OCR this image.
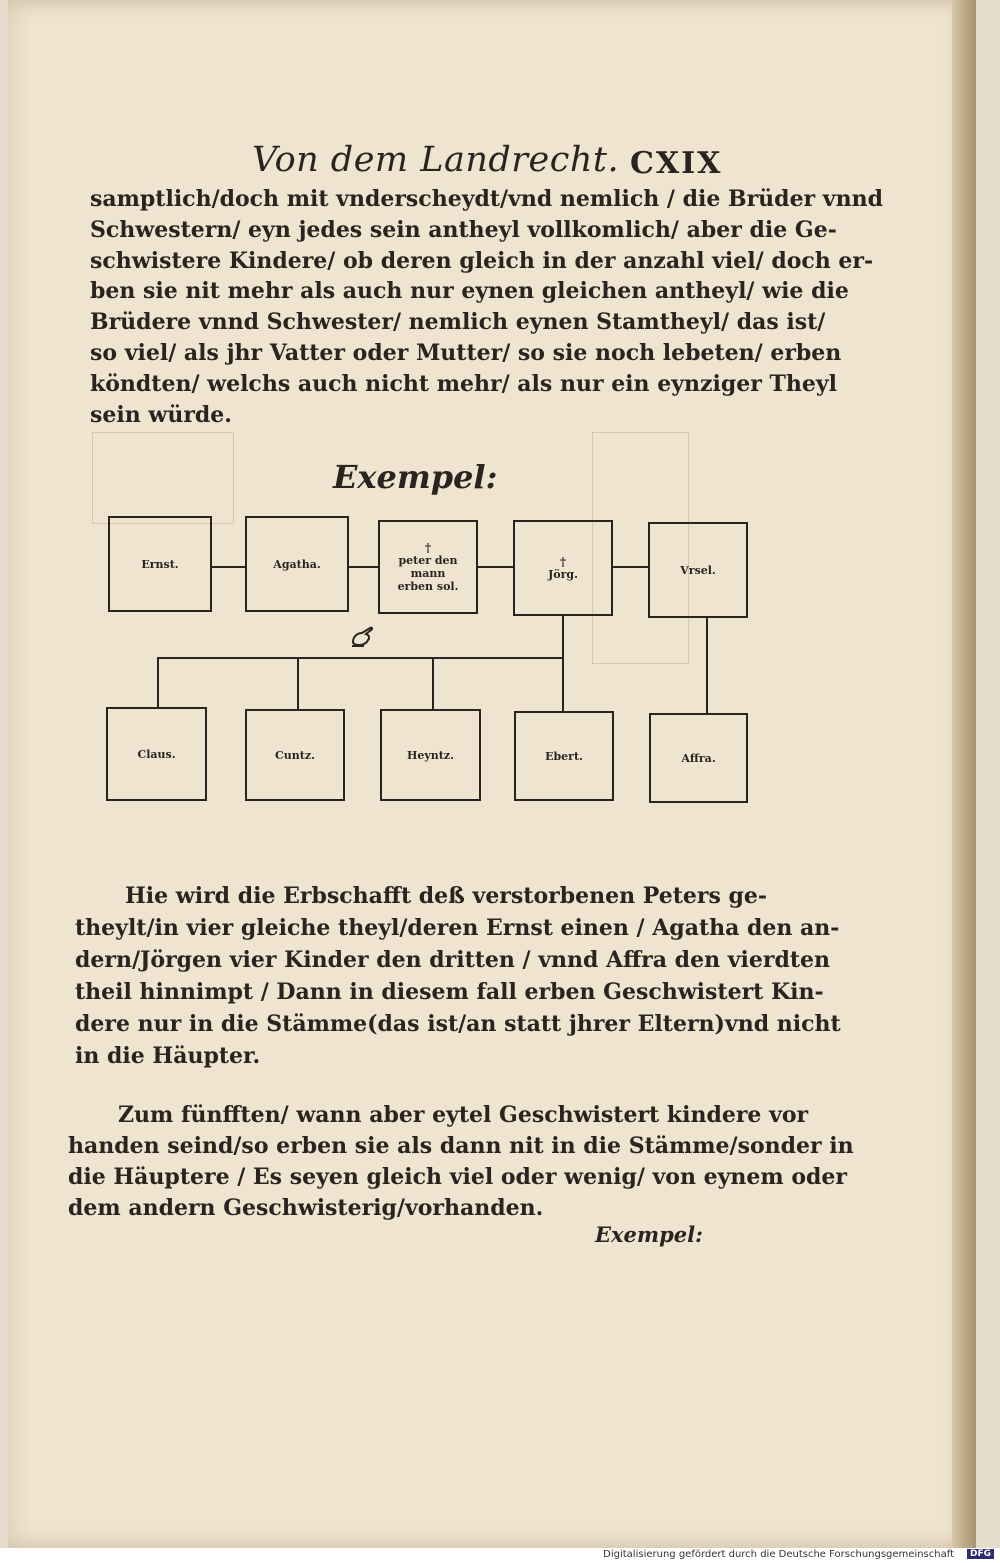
Von dem Landrecht. CXIX
samptlich/doch mit vnderscheydt/vnd nemlich / die Brüder vnnd
Schwestern/ eyn jedes sein antheyl vollkomlich/ aber die Ge-
schwistere Kindere/ ob deren gleich in der anzahl viel/ doch er-
ben sie nit mehr als auch nur eynen gleichen antheyl/ wie die
Brüdere vnnd Schwester/ nemlich eynen Stamtheyl/ das ist/
so viel/ als jhr Vatter oder Mutter/ so sie noch lebeten/ erben
köndten/ welchs auch nicht mehr/ als nur ein eynziger Theyl
sein würde.
Exempel:
Ernst.	Agatha.
†
peter den mann
erben sol.
†
Jörg.	Vrsel.
Claus.	Cuntz.	Heyntz.	Ebert.	Affra.
Hie wird die Erbschafft deß verstorbenen Peters ge-
theylt/in vier gleiche theyl/deren Ernst einen / Agatha den an-
dern/Jörgen vier Kinder den dritten / vnnd Affra den vierdten
theil hinnimpt / Dann in diesem fall erben Geschwistert Kin-
dere nur in die Stämme(das ist/an statt jhrer Eltern)vnd nicht
in die Häupter.
Zum fünfften/ wann aber eytel Geschwistert kindere vor
handen seind/so erben sie als dann nit in die Stämme/sonder in
die Häuptere / Es seyen gleich viel oder wenig/ von eynem oder
dem andern Geschwisterig/vorhanden.
Exempel:
Digitalisierung gefördert durch die Deutsche Forschungsgemeinschaft	DFG
